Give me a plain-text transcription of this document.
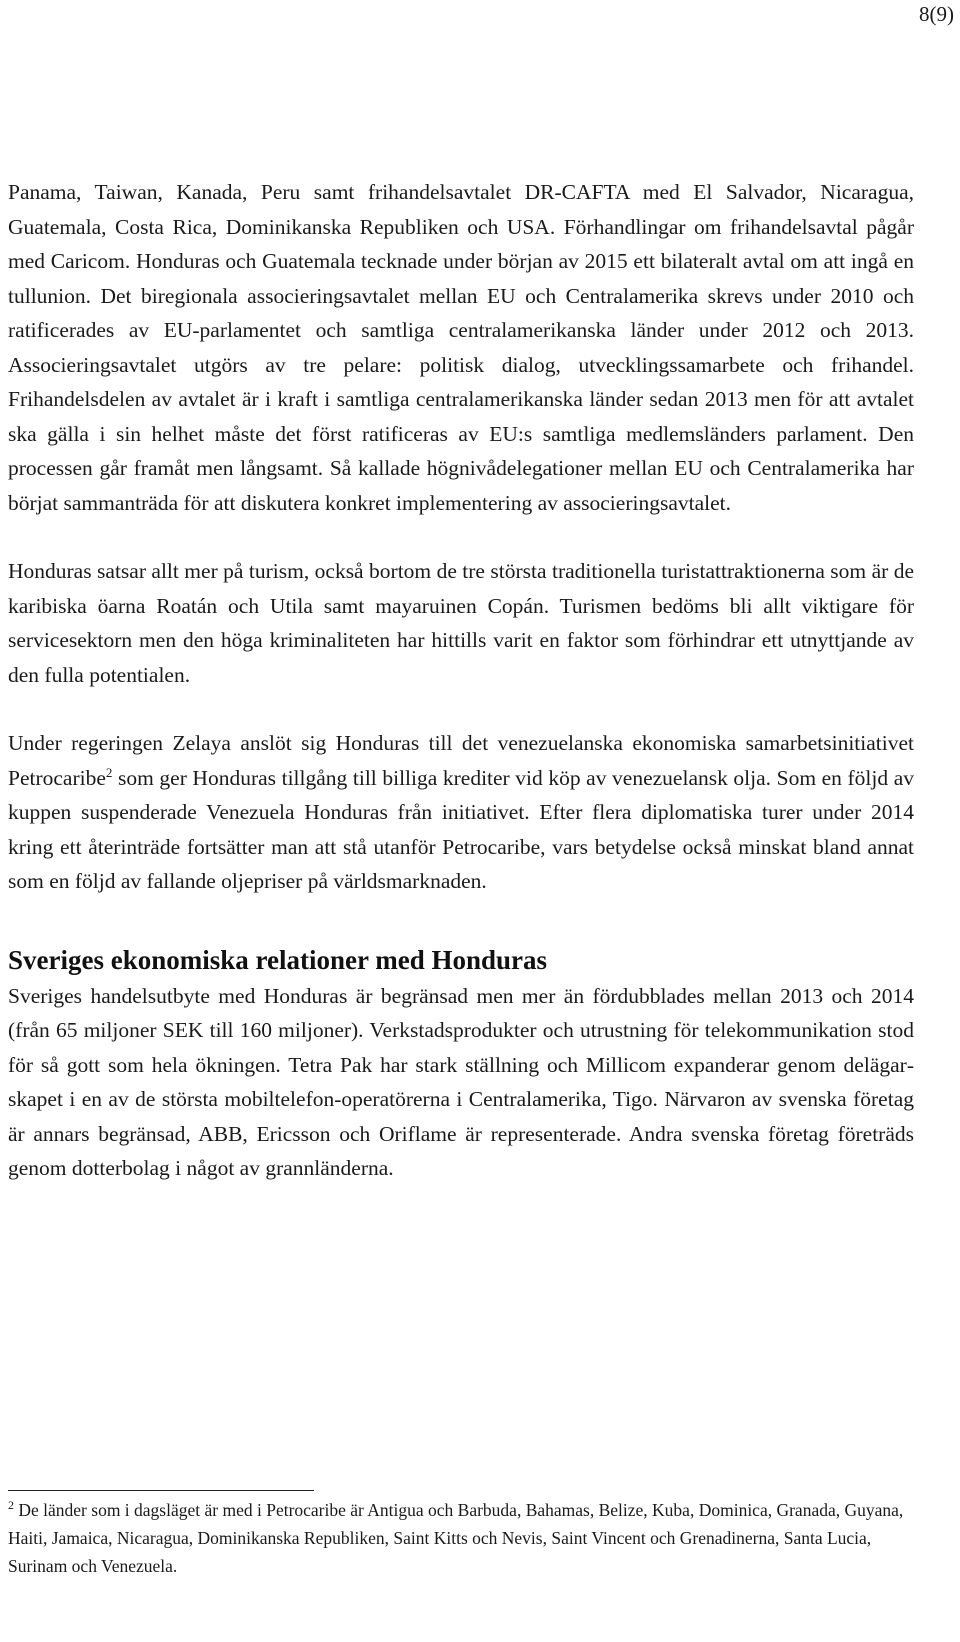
8(9)

Panama, Taiwan, Kanada, Peru samt frihandelsavtalet DR-CAFTA med El Salvador, Nicaragua, Guatemala, Costa Rica, Dominikanska Republiken och USA. Förhandlingar om frihandelsavtal pågår med Caricom. Honduras och Guatemala tecknade under början av 2015 ett bilateralt avtal om att ingå en tullunion. Det biregionala associeringsavtalet mellan EU och Centralamerika skrevs under 2010 och ratificerades av EU-parlamentet och samtliga centralamerikanska länder under 2012 och 2013. Associeringsavtalet utgörs av tre pelare: politisk dialog, utvecklingssamarbete och frihandel. Frihandelsdelen av avtalet är i kraft i samtliga centralamerikanska länder sedan 2013 men för att avtalet ska gälla i sin helhet måste det först ratificeras av EU:s samtliga medlemsländers parlament. Den processen går framåt men långsamt. Så kallade högnivådelegationer mellan EU och Centralamerika har börjat sammanträda för att diskutera konkret implementering av associeringsavtalet.

Honduras satsar allt mer på turism, också bortom de tre största traditionella turistattraktionerna som är de karibiska öarna Roatán och Utila samt mayaruinen Copán. Turismen bedöms bli allt viktigare för servicesektorn men den höga kriminaliteten har hittills varit en faktor som förhindrar ett utnyttjande av den fulla potentialen.

Under regeringen Zelaya anslöt sig Honduras till det venezuelanska ekonomiska samarbetsinitiativet Petrocaribe$^2$ som ger Honduras tillgång till billiga krediter vid köp av venezuelansk olja. Som en följd av kuppen suspenderade Venezuela Honduras från initiativet. Efter flera diplomatiska turer under 2014 kring ett återinträde fortsätter man att stå utanför Petrocaribe, vars betydelse också minskat bland annat som en följd av fallande oljepriser på världsmarknaden.

Sveriges ekonomiska relationer med Honduras

Sveriges handelsutbyte med Honduras är begränsad men mer än fördubblades mellan 2013 och 2014 (från 65 miljoner SEK till 160 miljoner). Verkstadsprodukter och utrustning för telekommunikation stod för så gott som hela ökningen. Tetra Pak har stark ställning och Millicom expanderar genom delägarskapet i en av de största mobiltelefon-operatörerna i Centralamerika, Tigo. Närvaron av svenska företag är annars begränsad, ABB, Ericsson och Oriflame är representerade. Andra svenska företag företräds genom dotterbolag i något av grannländerna.

$^2$ De länder som i dagsläget är med i Petrocaribe är Antigua och Barbuda, Bahamas, Belize, Kuba, Dominica, Granada, Guyana, Haiti, Jamaica, Nicaragua, Dominikanska Republiken, Saint Kitts och Nevis, Saint Vincent och Grenadinerna, Santa Lucia, Surinam och Venezuela.
